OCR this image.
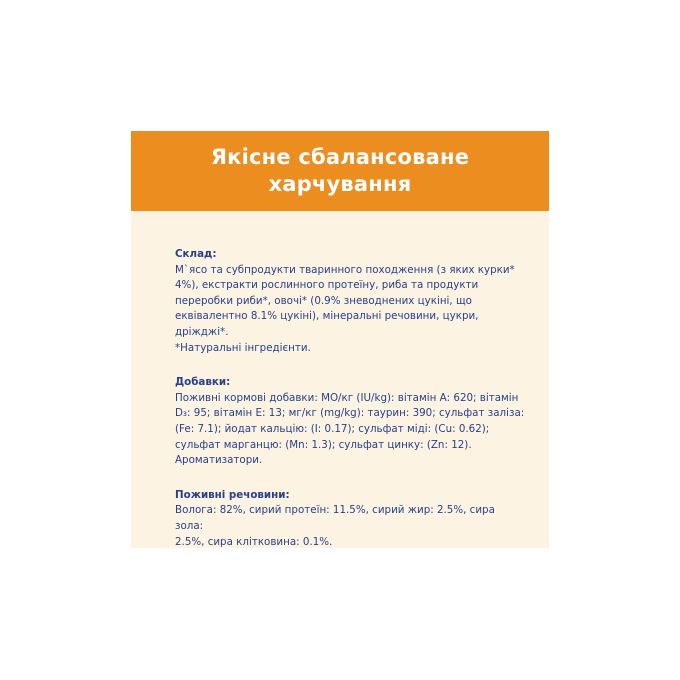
Якісне сбалансоване
харчування

Склад:

М`ясо та субпродукти тваринного походження (з яких курки*
4%), екстракти рослинного протеїну, риба та продукти
переробки риби*, овочі* (0.9% зневоднених цукіні, що
еквівалентно 8.1% цукіні), мінеральні речовини, цукри, дріжджі*.
*Натуральні інгредієнти.

Добавки:

Поживні кормові добавки: МО/кг (IU/kg): вітамін А: 620; вітамін
D₃: 95; вітамін Е: 13; мг/кг (mg/kg): таурин: 390; сульфат заліза:
(Fe: 7.1); йодат кальцію: (I: 0.17); сульфат міді: (Cu: 0.62);
сульфат марганцю: (Mn: 1.3); сульфат цинку: (Zn: 12).
Ароматизатори.

Поживні речовини:

Волога: 82%, сирий протеїн: 11.5%, сирий жир: 2.5%, сира зола:
2.5%, сира клітковина: 0.1%.
